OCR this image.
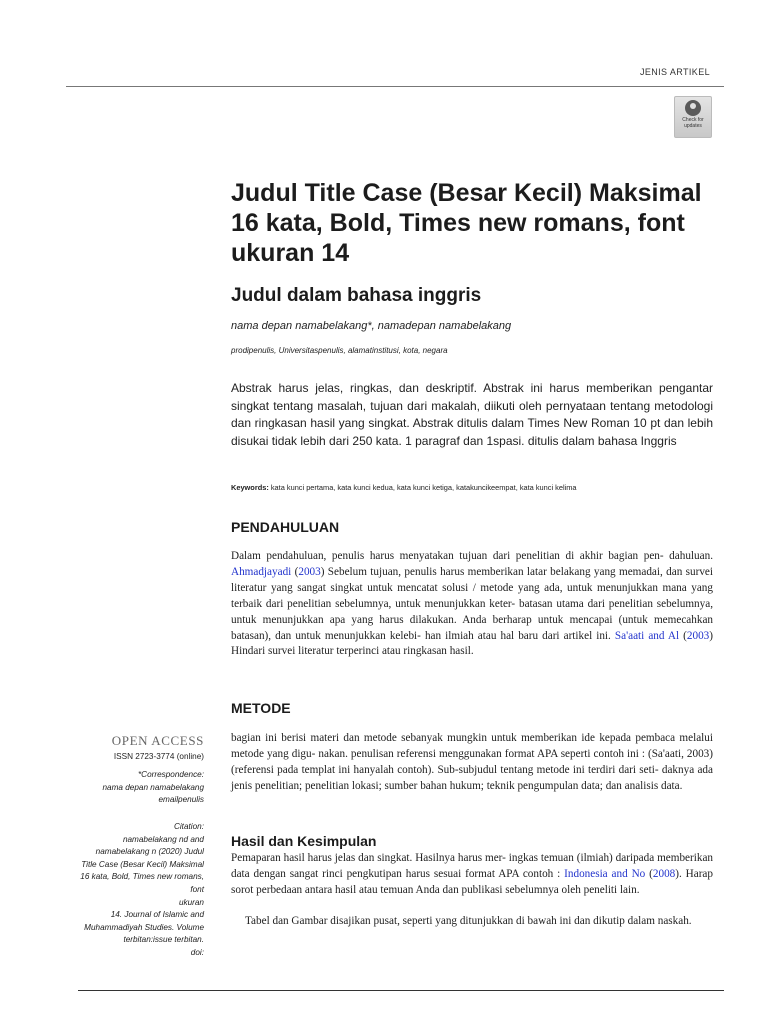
JENIS ARTIKEL
Check for
updates
Judul Title Case (Besar Kecil) Maksimal 16 kata, Bold, Times new romans, font ukuran 14
Judul dalam bahasa inggris
nama depan namabelakang*, namadepan namabelakang
prodipenulis, Universitaspenulis, alamatinstitusi, kota, negara

Abstrak harus jelas, ringkas, dan deskriptif. Abstrak ini harus memberikan pengantar singkat tentang masalah, tujuan dari makalah, diikuti oleh pernyataan tentang metodologi dan ringkasan hasil yang singkat. Abstrak ditulis dalam Times New Roman 10 pt dan lebih disukai tidak lebih dari 250 kata. 1 paragraf dan 1spasi. ditulis dalam bahasa Inggris

Keywords: kata kunci pertama, kata kunci kedua, kata kunci ketiga, katakuncikeempat, kata kunci kelima
PENDAHULUAN

Dalam pendahuluan, penulis harus menyatakan tujuan dari penelitian di akhir bagian pen- dahuluan. Ahmadjayadi (2003) Sebelum tujuan, penulis harus memberikan latar belakang yang memadai, dan survei literatur yang sangat singkat untuk mencatat solusi / metode yang ada, untuk menunjukkan mana yang terbaik dari penelitian sebelumnya, untuk menunjukkan keter- batasan utama dari penelitian sebelumnya, untuk menunjukkan apa yang harus dilakukan. Anda berharap untuk mencapai (untuk memecahkan batasan), dan untuk menunjukkan kelebi- han ilmiah atau hal baru dari artikel ini. Sa'aati and Al (2003) Hindari survei literatur terperinci atau ringkasan hasil.

METODE

bagian ini berisi materi dan metode sebanyak mungkin untuk memberikan ide kepada pembaca melalui metode yang digu- nakan. penulisan referensi menggunakan format APA seperti contoh ini : (Sa'aati, 2003) (referensi pada templat ini hanyalah contoh). Sub-subjudul tentang metode ini terdiri dari seti- daknya ada jenis penelitian; penelitian lokasi; sumber bahan hukum; teknik pengumpulan data; dan analisis data.

Hasil dan Kesimpulan

Pemaparan hasil harus jelas dan singkat. Hasilnya harus mer- ingkas temuan (ilmiah) daripada memberikan data dengan sangat rinci pengkutipan harus sesuai format APA contoh : Indonesia and No (2008). Harap sorot perbedaan antara hasil atau temuan Anda dan publikasi sebelumnya oleh peneliti lain.

Tabel dan Gambar disajikan pusat, seperti yang ditunjukkan di bawah ini dan dikutip dalam naskah.

OPEN ACCESS
ISSN 2723-3774 (online)
*Correspondence:
nama depan namabelakang
emailpenulis
Citation:
namabelakang nd and
namabelakang n (2020) Judul
Title Case (Besar Kecil) Maksimal
16 kata, Bold, Times new romans,
font
ukuran
14. Journal of Islamic and
Muhammadiyah Studies. Volume
terbitan:issue terbitan.
doi:
